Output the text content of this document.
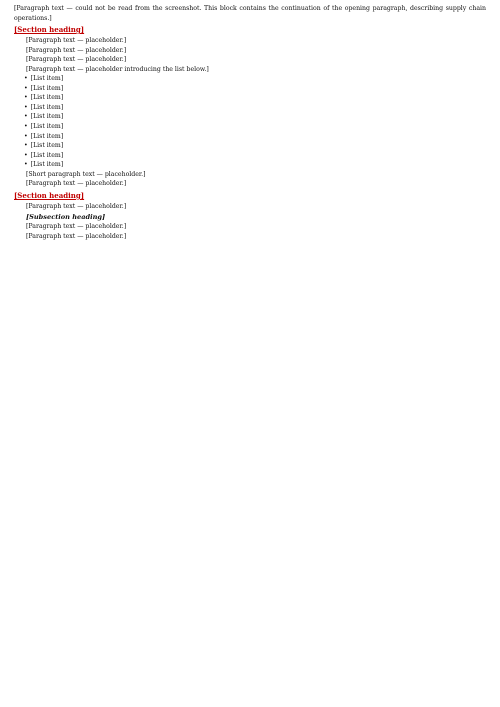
[Paragraph text — could not be read from the screenshot. This block contains the continuation of the opening paragraph, describing supply chain operations.]

[Section heading]

[Paragraph text — placeholder.]

[Paragraph text — placeholder.]

[Paragraph text — placeholder.]

[Paragraph text — placeholder introducing the list below.]

• [List item]
• [List item]
• [List item]
• [List item]
• [List item]
• [List item]
• [List item]
• [List item]
• [List item]
• [List item]

[Short paragraph text — placeholder.]

[Paragraph text — placeholder.]

[Section heading]

[Paragraph text — placeholder.]

[Subsection heading]

[Paragraph text — placeholder.]

[Paragraph text — placeholder.]
